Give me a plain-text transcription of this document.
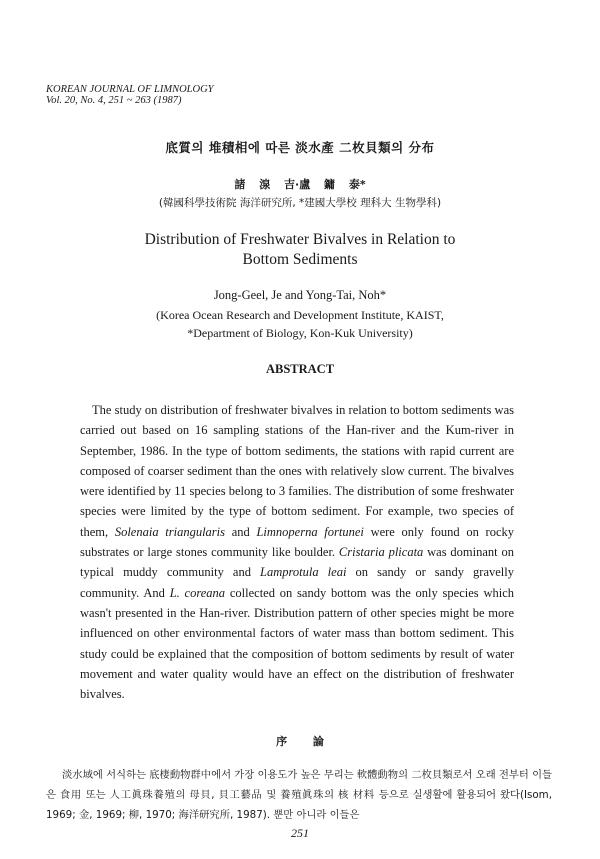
KOREAN JOURNAL OF LIMNOLOGY
Vol. 20, No. 4, 251 ~ 263 (1987)
底質의 堆積相에 따른 淡水產 二枚貝類의 分布
諸 湶 吉·盧 鏞 泰*
(韓國科學技術院 海洋研究所, *建國大學校 理科大 生物學科)
Distribution of Freshwater Bivalves in Relation to
Bottom Sediments
Jong-Geel, Je and Yong-Tai, Noh*
(Korea Ocean Research and Development Institute, KAIST,
*Department of Biology, Kon-Kuk University)
ABSTRACT

The study on distribution of freshwater bivalves in relation to bottom sediments was carried out based on 16 sampling stations of the Han-river and the Kum-river in September, 1986. In the type of bottom sediments, the stations with rapid current are composed of coarser sediment than the ones with relatively slow current. The bivalves were identified by 11 species belong to 3 families. The distribution of some freshwater species were limited by the type of bottom sediment. For example, two species of them, Solenaia triangularis and Limnoperna fortunei were only found on rocky substrates or large stones community like boulder. Cristaria plicata was dominant on typical muddy community and Lamprotula leai on sandy or sandy gravelly community. And L. coreana collected on sandy bottom was the only species which wasn't presented in the Han-river. Distribution pattern of other species might be more influenced on other environmental factors of water mass than bottom sediment. This study could be explained that the composition of bottom sediments by result of water movement and water quality would have an effect on the distribution of freshwater bivalves.

序 論

淡水域에 서식하는 底棲動物群中에서 가장 이용도가 높은 무리는 軟體動物의 二枚貝類로서 오래 전부터 이들은 食用 또는 人工眞珠養殖의 母貝, 貝工藝品 및 養殖眞珠의 核 材料 등으로 실생활에 활용되어 왔다(Isom, 1969; 金, 1969; 柳, 1970; 海洋研究所, 1987). 뿐만 아니라 이들은

251
